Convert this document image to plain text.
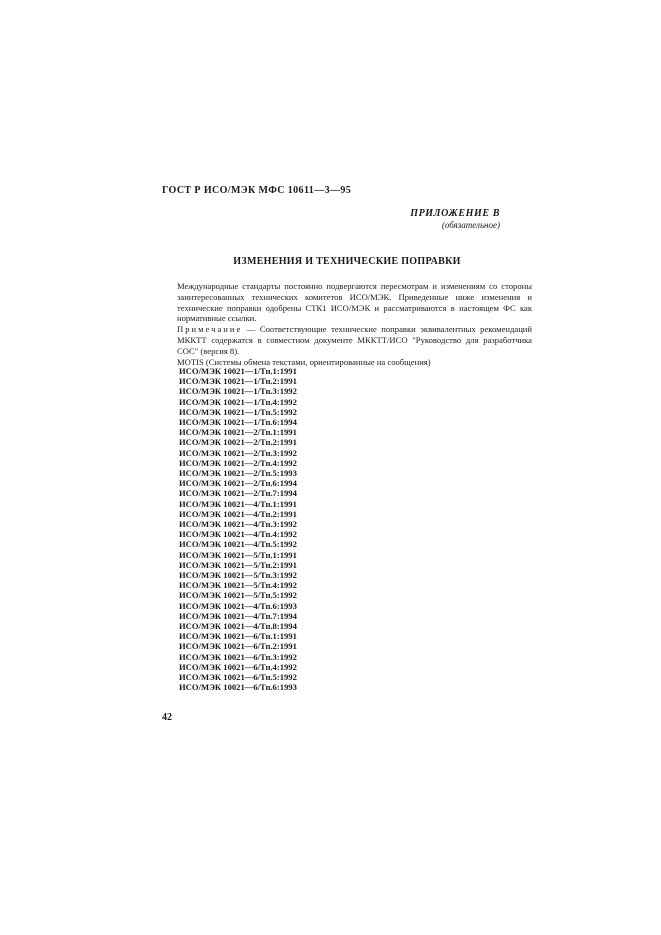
ГОСТ Р ИСО/МЭК МФС 10611—3—95
ПРИЛОЖЕНИЕ В
(обязательное)
ИЗМЕНЕНИЯ И ТЕХНИЧЕСКИЕ ПОПРАВКИ

Международные стандарты постоянно подвергаются пересмотрам и изменениям со стороны заинтересованных технических комитетов ИСО/МЭК. Приведенные ниже изменения и технические поправки одобрены СТК1 ИСО/МЭК и рассматриваются в настоящем ФС как нормативные ссылки.

Примечание — Соответствующие технические поправки эквивалентных рекомендаций МККТТ содержатся в совместном документе МККТТ/ИСО "Руководство для разработчика СОС" (версия 8).

MOTIS (Системы обмена текстами, ориентированные на сообщения)

ИСО/МЭК 10021—1/Тп.1:1991
ИСО/МЭК 10021—1/Тп.2:1991
ИСО/МЭК 10021—1/Тп.3:1992
ИСО/МЭК 10021—1/Тп.4:1992
ИСО/МЭК 10021—1/Тп.5:1992
ИСО/МЭК 10021—1/Тп.6:1994
ИСО/МЭК 10021—2/Тп.1:1991
ИСО/МЭК 10021—2/Тп.2:1991
ИСО/МЭК 10021—2/Тп.3:1992
ИСО/МЭК 10021—2/Тп.4:1992
ИСО/МЭК 10021—2/Тп.5:1993
ИСО/МЭК 10021—2/Тп.6:1994
ИСО/МЭК 10021—2/Тп.7:1994
ИСО/МЭК 10021—4/Тп.1:1991
ИСО/МЭК 10021—4/Тп.2:1991
ИСО/МЭК 10021—4/Тп.3:1992
ИСО/МЭК 10021—4/Тп.4:1992
ИСО/МЭК 10021—4/Тп.5:1992
ИСО/МЭК 10021—5/Тп.1:1991
ИСО/МЭК 10021—5/Тп.2:1991
ИСО/МЭК 10021—5/Тп.3:1992
ИСО/МЭК 10021—5/Тп.4:1992
ИСО/МЭК 10021—5/Тп.5:1992
ИСО/МЭК 10021—4/Тп.6:1993
ИСО/МЭК 10021—4/Тп.7:1994
ИСО/МЭК 10021—4/Тп.8:1994
ИСО/МЭК 10021—6/Тп.1:1991
ИСО/МЭК 10021—6/Тп.2:1991
ИСО/МЭК 10021—6/Тп.3:1992
ИСО/МЭК 10021—6/Тп.4:1992
ИСО/МЭК 10021—6/Тп.5:1992
ИСО/МЭК 10021—6/Тп.6:1993
42
